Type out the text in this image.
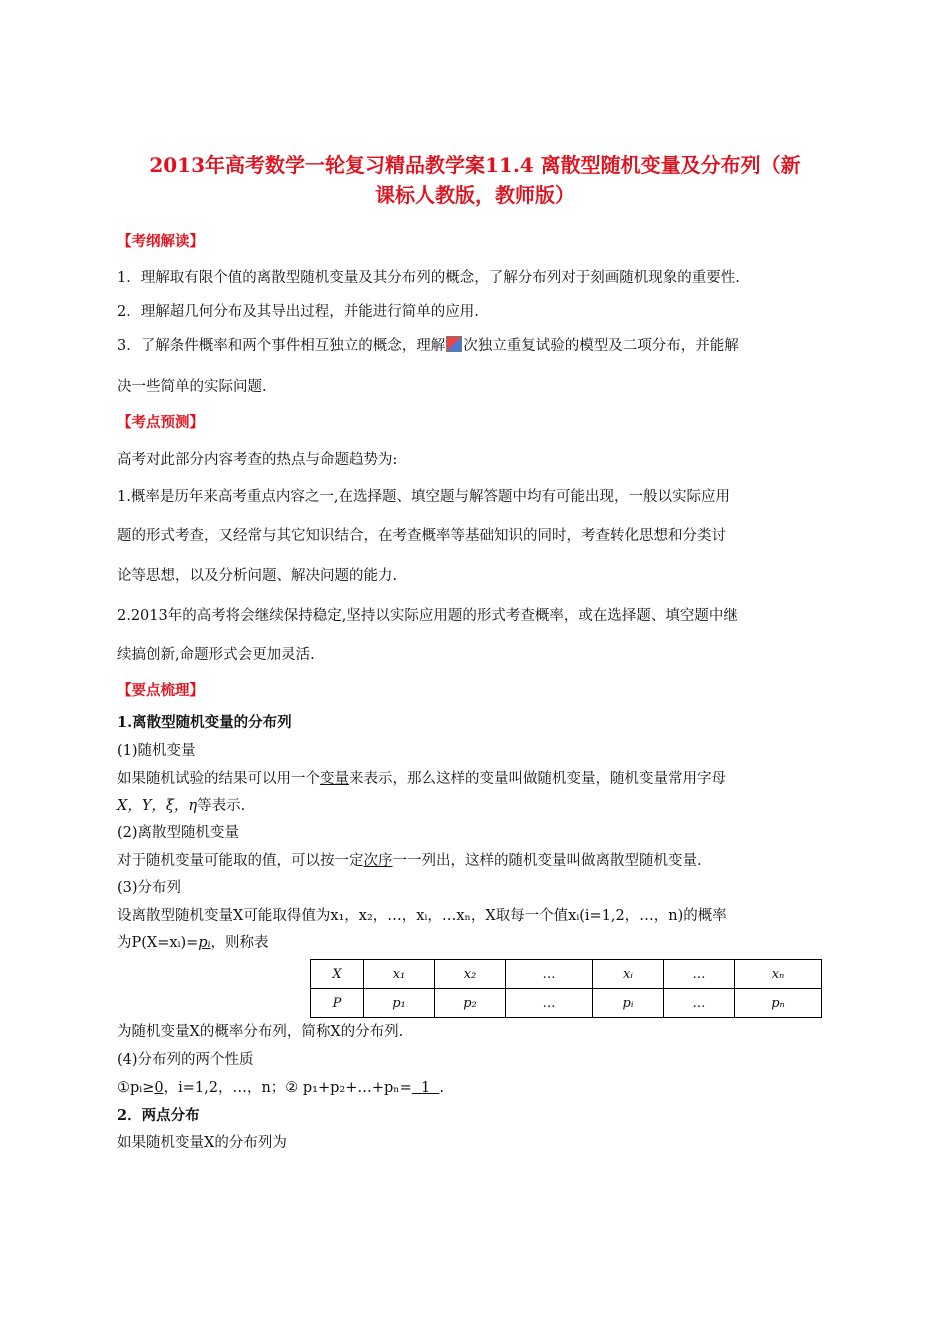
2013年高考数学一轮复习精品教学案11.4 离散型随机变量及分布列（新
课标人教版，教师版）
【考纲解读】
1．理解取有限个值的离散型随机变量及其分布列的概念，了解分布列对于刻画随机现象的重要性.
2．理解超几何分布及其导出过程，并能进行简单的应用.
3．了解条件概率和两个事件相互独立的概念，理解 次独立重复试验的模型及二项分布，并能解
决一些简单的实际问题.
【考点预测】
高考对此部分内容考查的热点与命题趋势为:
1.概率是历年来高考重点内容之一,在选择题、填空题与解答题中均有可能出现，一般以实际应用
题的形式考查，又经常与其它知识结合，在考查概率等基础知识的同时，考查转化思想和分类讨
论等思想，以及分析问题、解决问题的能力.
2.2013年的高考将会继续保持稳定,坚持以实际应用题的形式考查概率，或在选择题、填空题中继
续搞创新,命题形式会更加灵活.
【要点梳理】
1.离散型随机变量的分布列
(1)随机变量
如果随机试验的结果可以用一个变量来表示，那么这样的变量叫做随机变量，随机变量常用字母
X，Y，ξ，η等表示.
(2)离散型随机变量
对于随机变量可能取的值，可以按一定次序一一列出，这样的随机变量叫做离散型随机变量.
(3)分布列
设离散型随机变量X可能取得值为x₁，x₂，…，xᵢ，…xₙ，X取每一个值xᵢ(i=1,2，…，n)的概率
为P(X=xᵢ)=pᵢ，则称表
X	x₁	x₂	…	xᵢ	…	xₙ
P	p₁	p₂	…	pᵢ	…	pₙ
为随机变量X的概率分布列，简称X的分布列.
(4)分布列的两个性质
①pᵢ≥0，i=1,2，…，n；② p₁+p₂+…+pₙ=  1  .
2．两点分布
如果随机变量X的分布列为
